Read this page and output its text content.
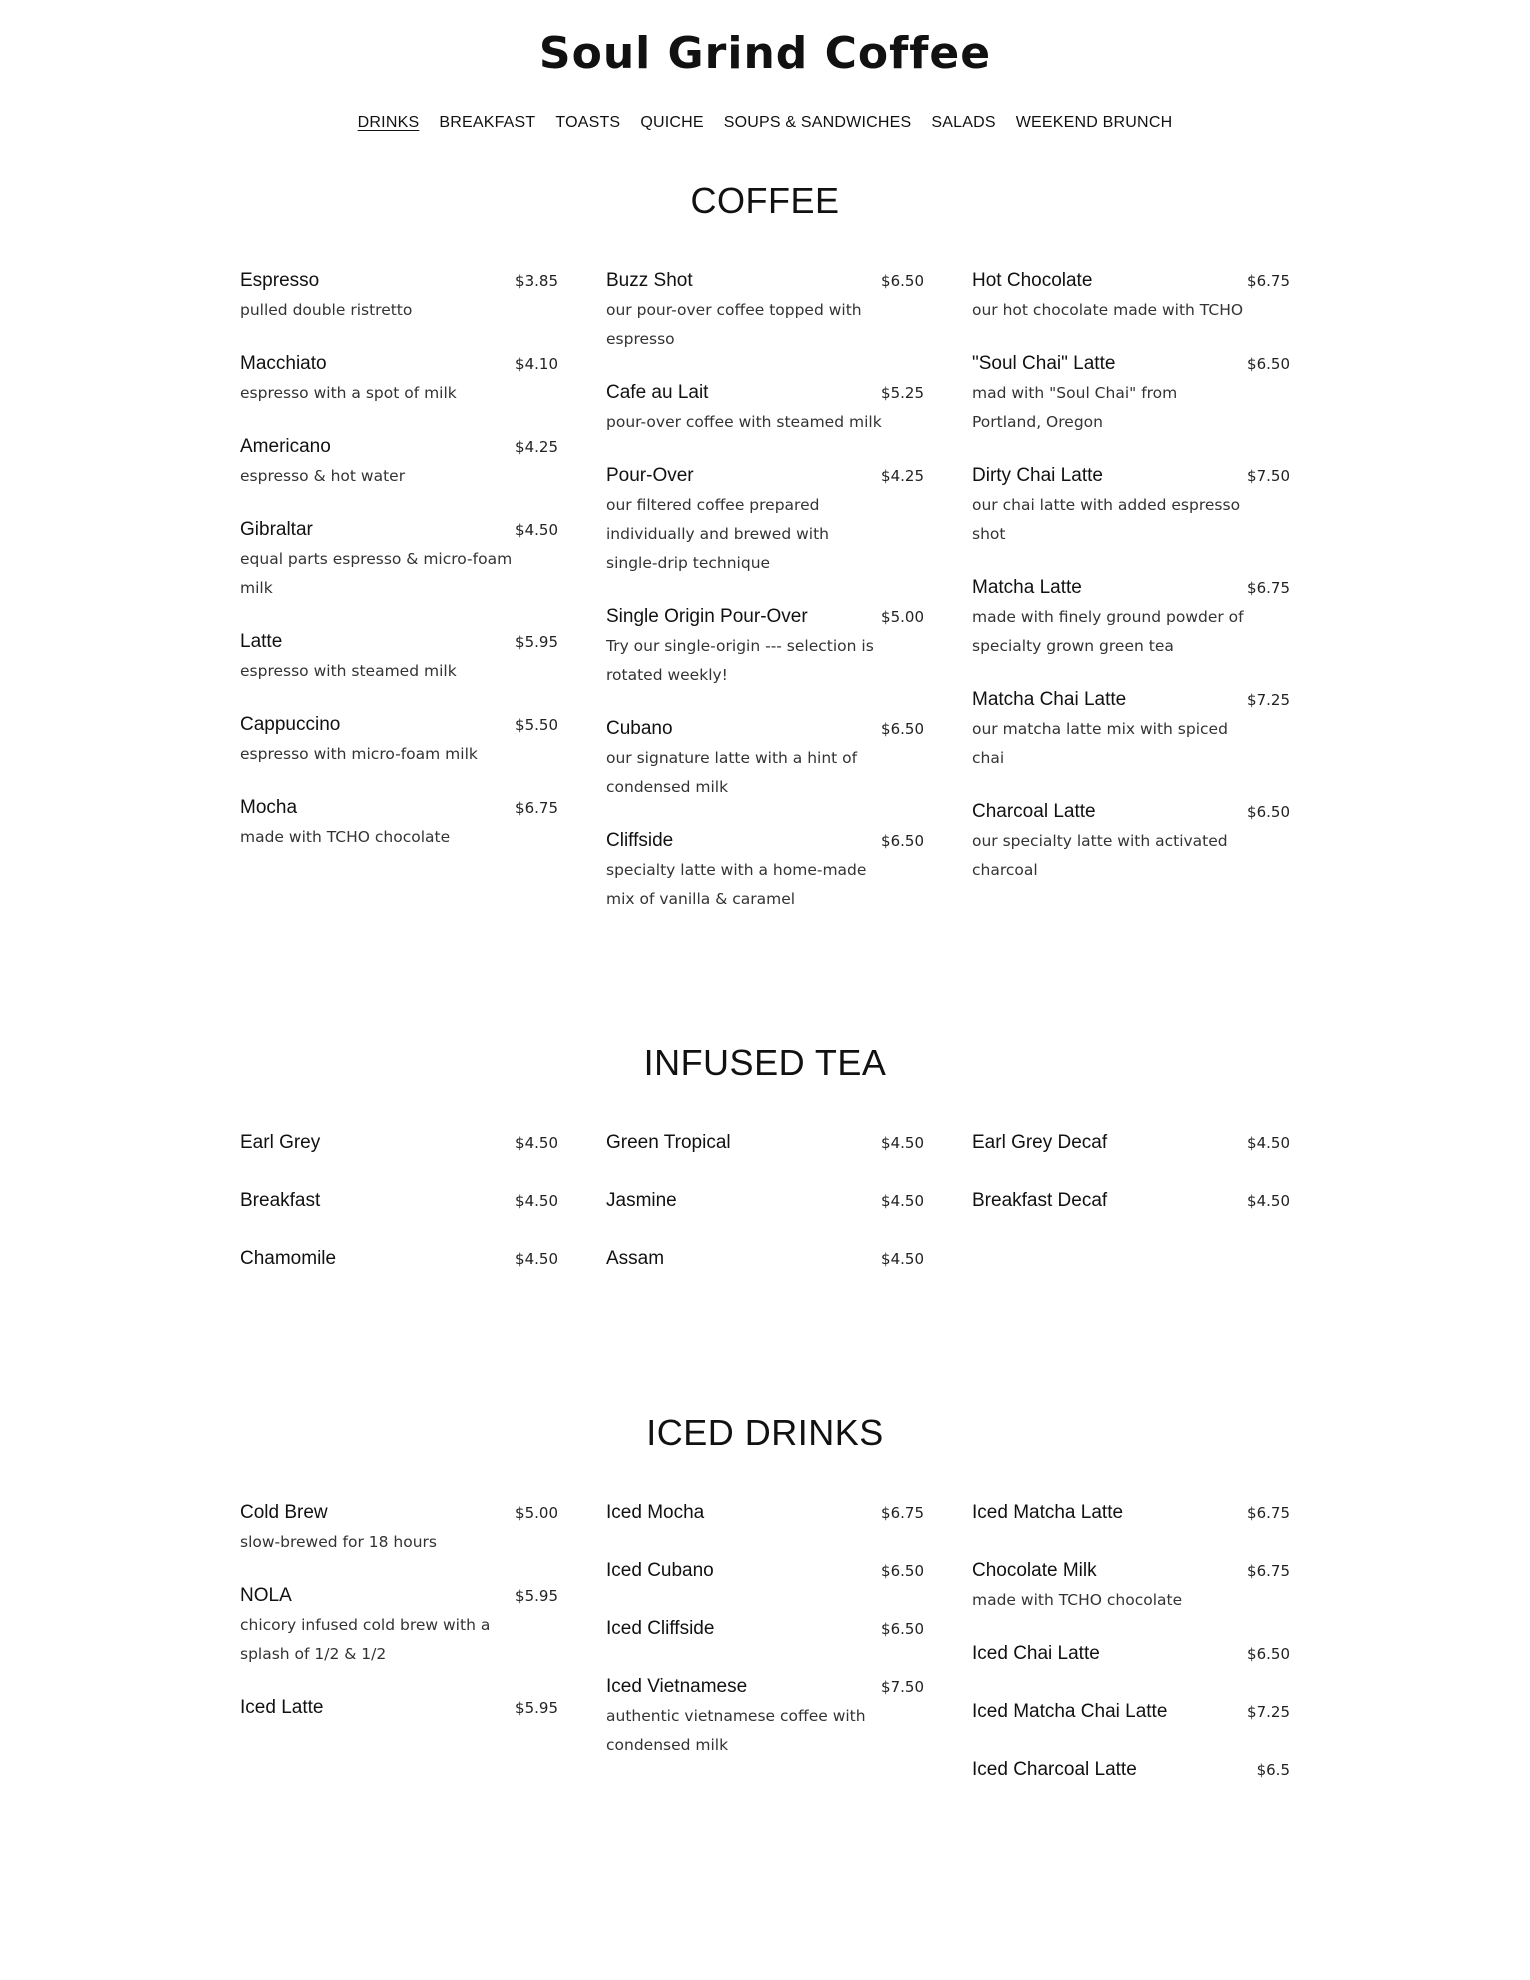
Soul Grind Coffee
DRINKS BREAKFAST TOASTS QUICHE SOUPS & SANDWICHES SALADS WEEKEND BRUNCH
COFFEE
Espresso	$3.85

pulled double ristretto

Macchiato	$4.10

espresso with a spot of milk

Americano	$4.25

espresso & hot water

Gibraltar	$4.50

equal parts espresso & micro-foam milk

Latte	$5.95

espresso with steamed milk

Cappuccino	$5.50

espresso with micro-foam milk

Mocha	$6.75

made with TCHO chocolate

Buzz Shot	$6.50

our pour-over coffee topped with espresso

Cafe au Lait	$5.25

pour-over coffee with steamed milk

Pour-Over	$4.25

our filtered coffee prepared individually and brewed with single-drip technique

Single Origin Pour-Over	$5.00

Try our single-origin --- selection is rotated weekly!

Cubano	$6.50

our signature latte with a hint of condensed milk

Cliffside	$6.50

specialty latte with a home-made mix of vanilla & caramel

Hot Chocolate	$6.75

our hot chocolate made with TCHO

"Soul Chai" Latte	$6.50

mad with "Soul Chai" from Portland, Oregon

Dirty Chai Latte	$7.50

our chai latte with added espresso shot

Matcha Latte	$6.75

made with finely ground powder of specialty grown green tea

Matcha Chai Latte	$7.25

our matcha latte mix with spiced chai

Charcoal Latte	$6.50

our specialty latte with activated charcoal

INFUSED TEA
Earl Grey	$4.50
Breakfast	$4.50
Chamomile	$4.50
Green Tropical	$4.50
Jasmine	$4.50
Assam	$4.50
Earl Grey Decaf	$4.50
Breakfast Decaf	$4.50
ICED DRINKS
Cold Brew	$5.00

slow-brewed for 18 hours

NOLA	$5.95

chicory infused cold brew with a splash of 1/2 & 1/2

Iced Latte	$5.95
Iced Mocha	$6.75
Iced Cubano	$6.50
Iced Cliffside	$6.50
Iced Vietnamese	$7.50

authentic vietnamese coffee with condensed milk

Iced Matcha Latte	$6.75
Chocolate Milk	$6.75

made with TCHO chocolate

Iced Chai Latte	$6.50
Iced Matcha Chai Latte	$7.25
Iced Charcoal Latte	$6.5
